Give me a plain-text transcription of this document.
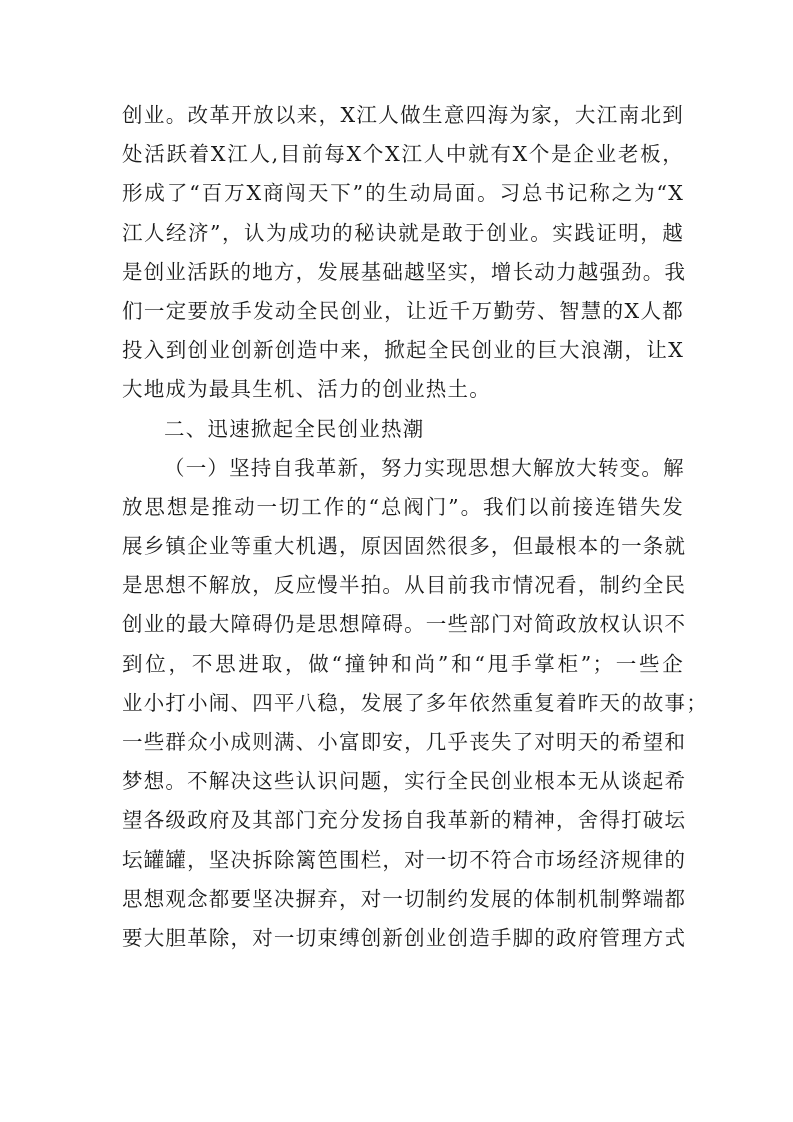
创业。改革开放以来，X江人做生意四海为家，大江南北到
处活跃着X江人,目前每X个X江人中就有X个是企业老板，
形成了“百万X商闯天下”的生动局面。习总书记称之为“X
江人经济”，认为成功的秘诀就是敢于创业。实践证明，越
是创业活跃的地方，发展基础越坚实，增长动力越强劲。我
们一定要放手发动全民创业，让近千万勤劳、智慧的X人都
投入到创业创新创造中来，掀起全民创业的巨大浪潮，让X
大地成为最具生机、活力的创业热土。
二、迅速掀起全民创业热潮
（一）坚持自我革新，努力实现思想大解放大转变。解
放思想是推动一切工作的“总阀门”。我们以前接连错失发
展乡镇企业等重大机遇，原因固然很多，但最根本的一条就
是思想不解放，反应慢半拍。从目前我市情况看，制约全民
创业的最大障碍仍是思想障碍。一些部门对简政放权认识不
到位，不思进取，做“撞钟和尚”和“甩手掌柜”；一些企
业小打小闹、四平八稳，发展了多年依然重复着昨天的故事；
一些群众小成则满、小富即安，几乎丧失了对明天的希望和
梦想。不解决这些认识问题，实行全民创业根本无从谈起希
望各级政府及其部门充分发扬自我革新的精神，舍得打破坛
坛罐罐，坚决拆除篱笆围栏，对一切不符合市场经济规律的
思想观念都要坚决摒弃，对一切制约发展的体制机制弊端都
要大胆革除，对一切束缚创新创业创造手脚的政府管理方式
